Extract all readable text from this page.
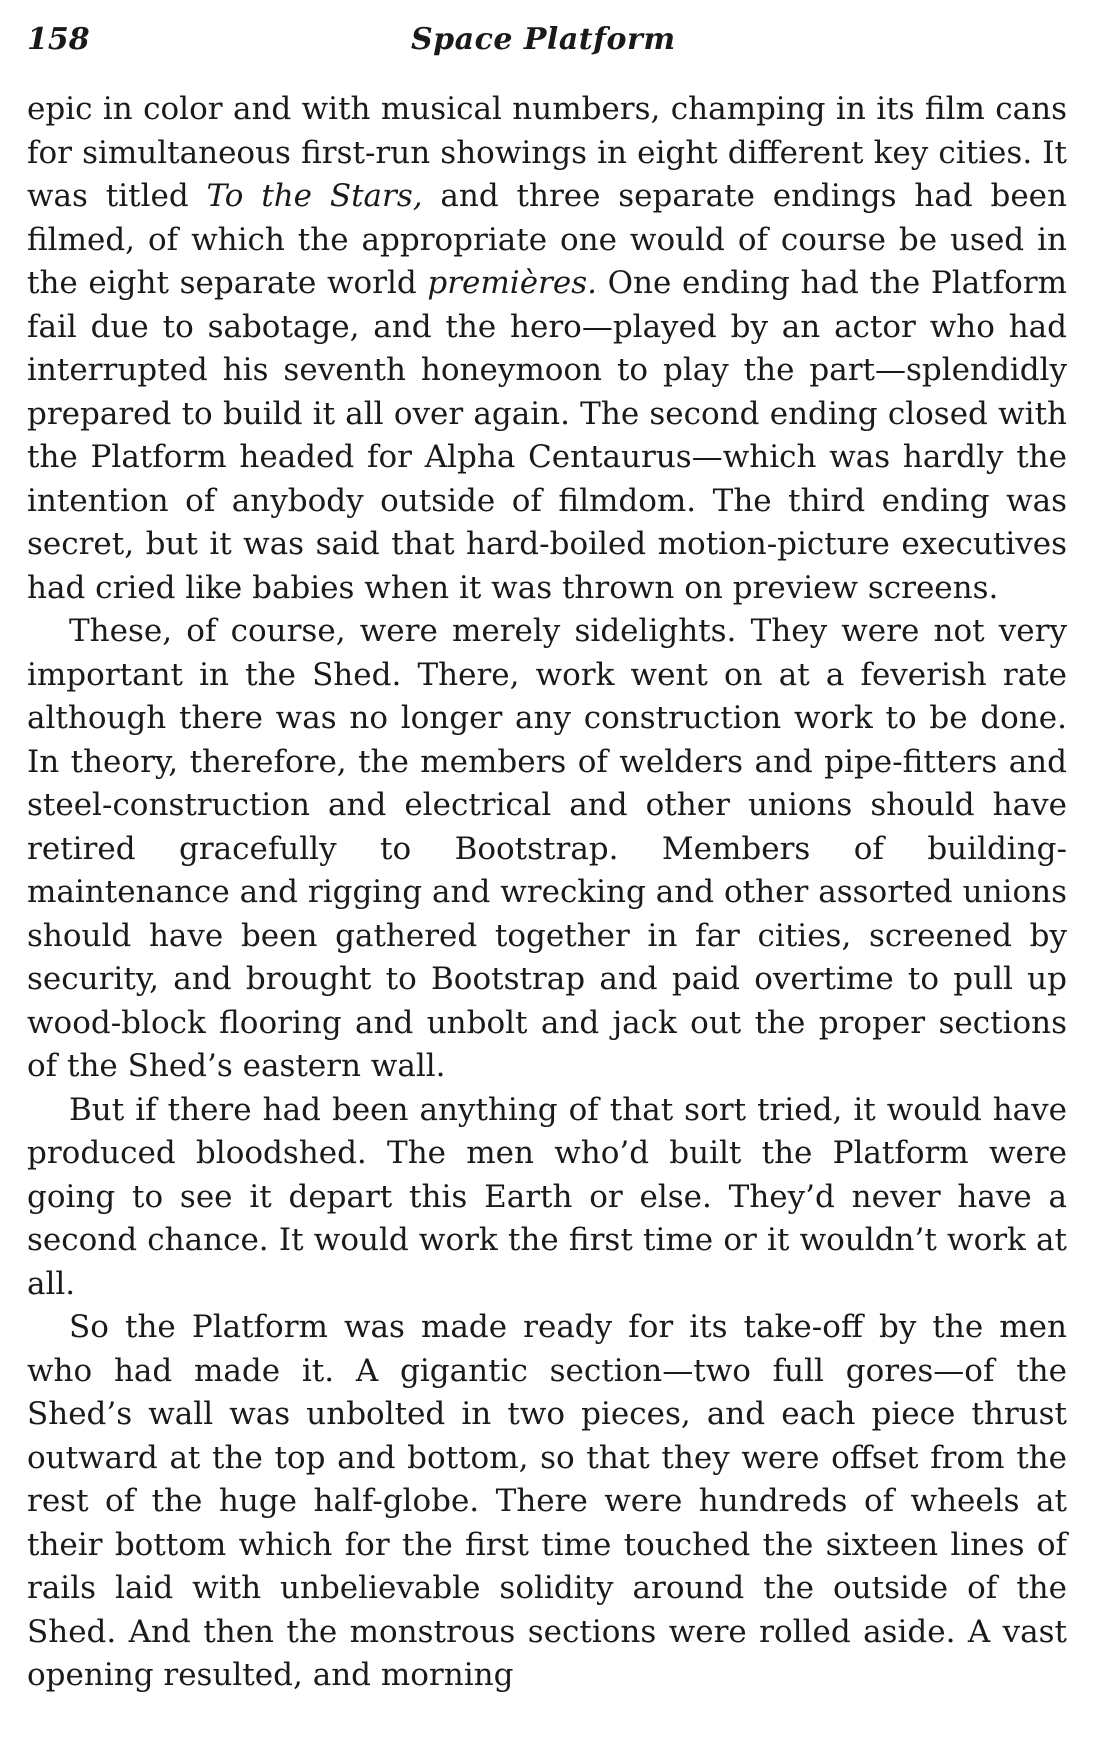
158	Space Platform

epic in color and with musical numbers, champing in its film cans for simultaneous first-run showings in eight different key cities. It was titled To the Stars, and three separate endings had been filmed, of which the appropriate one would of course be used in the eight separate world premières. One ending had the Platform fail due to sabotage, and the hero—played by an actor who had interrupted his seventh honeymoon to play the part—splendidly prepared to build it all over again. The second ending closed with the Platform headed for Alpha Centaurus—which was hardly the intention of anybody outside of filmdom. The third ending was secret, but it was said that hard-boiled motion-picture executives had cried like babies when it was thrown on preview screens.

These, of course, were merely sidelights. They were not very important in the Shed. There, work went on at a feverish rate although there was no longer any construction work to be done. In theory, therefore, the members of welders and pipe-fitters and steel-construction and electrical and other unions should have retired gracefully to Bootstrap. Members of building-maintenance and rigging and wrecking and other assorted unions should have been gathered together in far cities, screened by security, and brought to Bootstrap and paid overtime to pull up wood-block flooring and unbolt and jack out the proper sections of the Shed’s eastern wall.

But if there had been anything of that sort tried, it would have produced bloodshed. The men who’d built the Platform were going to see it depart this Earth or else. They’d never have a second chance. It would work the first time or it wouldn’t work at all.

So the Platform was made ready for its take-off by the men who had made it. A gigantic section—two full gores—of the Shed’s wall was unbolted in two pieces, and each piece thrust outward at the top and bottom, so that they were offset from the rest of the huge half-globe. There were hundreds of wheels at their bottom which for the first time touched the sixteen lines of rails laid with unbelievable solidity around the outside of the Shed. And then the monstrous sections were rolled aside. A vast opening resulted, and morning
